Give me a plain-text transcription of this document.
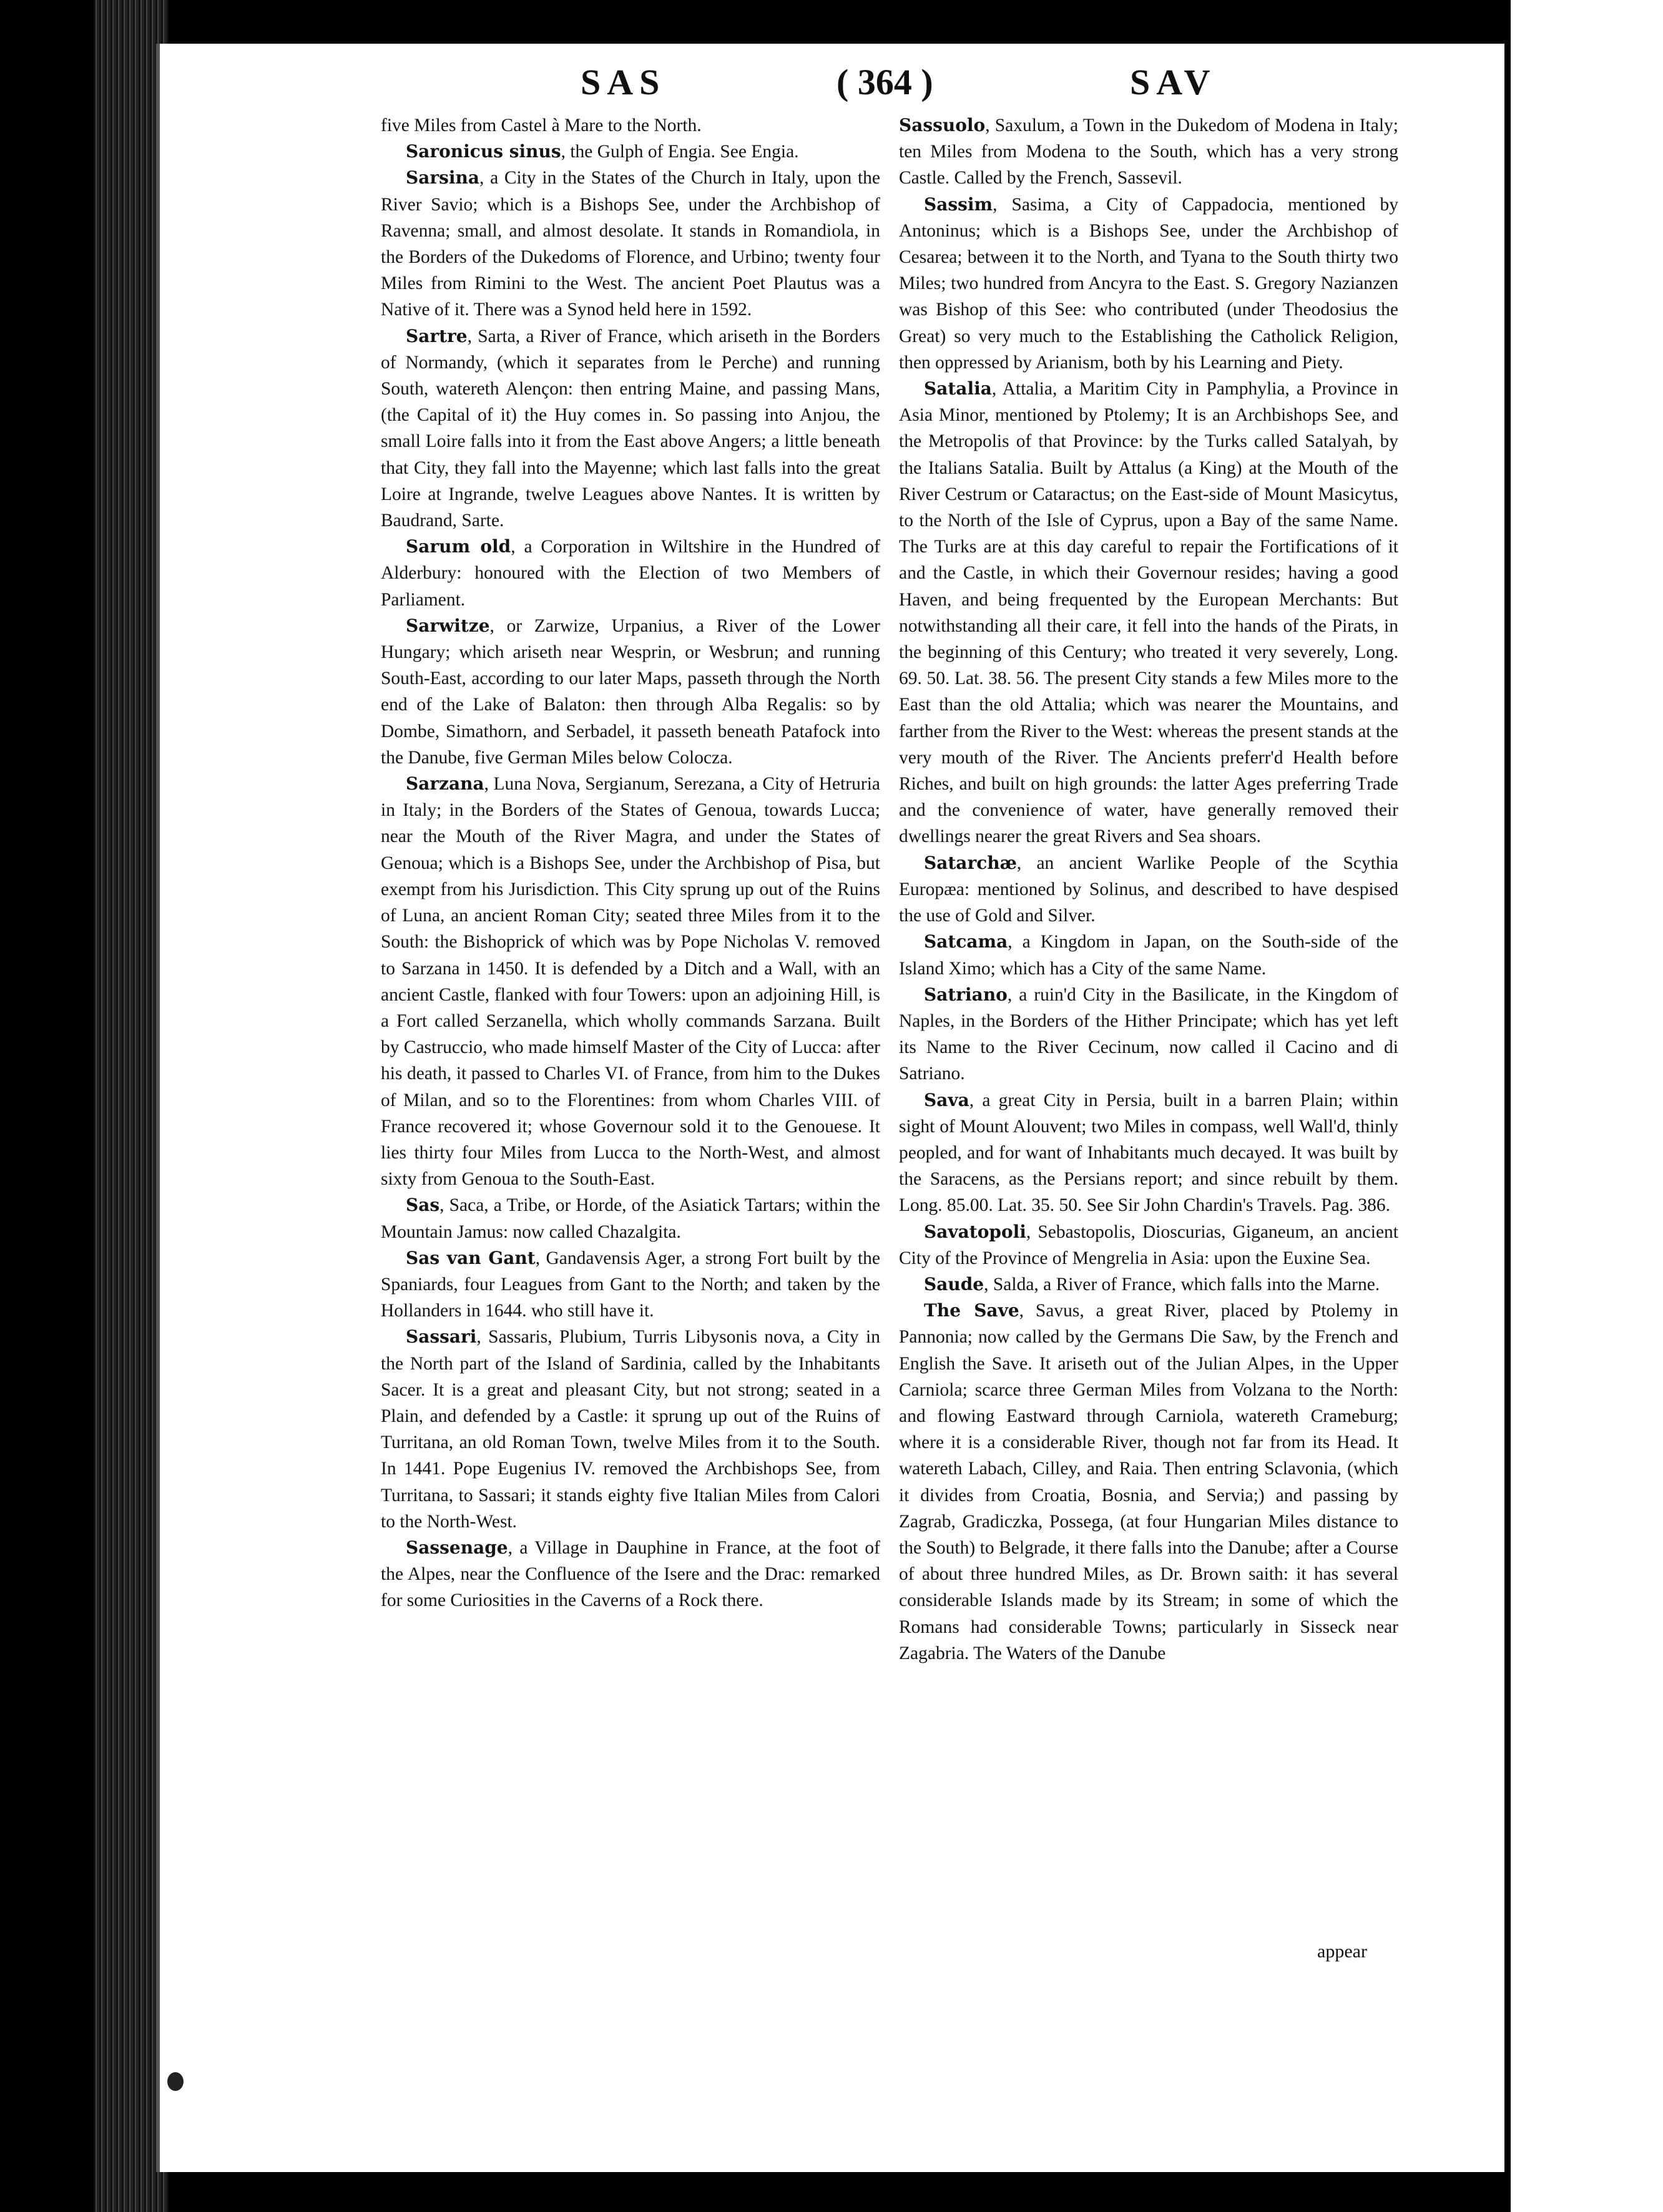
SAS	( 364 )	SAV

five Miles from Castel à Mare to the North.

Saronicus sinus, the Gulph of Engia. See Engia.

Sarsina, a City in the States of the Church in Italy, upon the River Savio; which is a Bishops See, under the Archbishop of Ravenna; small, and almost desolate. It stands in Romandiola, in the Borders of the Dukedoms of Florence, and Urbino; twenty four Miles from Rimini to the West. The ancient Poet Plautus was a Native of it. There was a Synod held here in 1592.

Sartre, Sarta, a River of France, which ariseth in the Borders of Normandy, (which it separates from le Perche) and running South, watereth Alençon: then entring Maine, and passing Mans, (the Capital of it) the Huy comes in. So passing into Anjou, the small Loire falls into it from the East above Angers; a little beneath that City, they fall into the Mayenne; which last falls into the great Loire at Ingrande, twelve Leagues above Nantes. It is written by Baudrand, Sarte.

Sarum old, a Corporation in Wiltshire in the Hundred of Alderbury: honoured with the Election of two Members of Parliament.

Sarwitze, or Zarwize, Urpanius, a River of the Lower Hungary; which ariseth near Wesprin, or Wesbrun; and running South-East, according to our later Maps, passeth through the North end of the Lake of Balaton: then through Alba Regalis: so by Dombe, Simathorn, and Serbadel, it passeth beneath Patafock into the Danube, five German Miles below Colocza.

Sarzana, Luna Nova, Sergianum, Serezana, a City of Hetruria in Italy; in the Borders of the States of Genoua, towards Lucca; near the Mouth of the River Magra, and under the States of Genoua; which is a Bishops See, under the Archbishop of Pisa, but exempt from his Jurisdiction. This City sprung up out of the Ruins of Luna, an ancient Roman City; seated three Miles from it to the South: the Bishoprick of which was by Pope Nicholas V. removed to Sarzana in 1450. It is defended by a Ditch and a Wall, with an ancient Castle, flanked with four Towers: upon an adjoining Hill, is a Fort called Serzanella, which wholly commands Sarzana. Built by Castruccio, who made himself Master of the City of Lucca: after his death, it passed to Charles VI. of France, from him to the Dukes of Milan, and so to the Florentines: from whom Charles VIII. of France recovered it; whose Governour sold it to the Genouese. It lies thirty four Miles from Lucca to the North-West, and almost sixty from Genoua to the South-East.

Sas, Saca, a Tribe, or Horde, of the Asiatick Tartars; within the Mountain Jamus: now called Chazalgita.

Sas van Gant, Gandavensis Ager, a strong Fort built by the Spaniards, four Leagues from Gant to the North; and taken by the Hollanders in 1644. who still have it.

Sassari, Sassaris, Plubium, Turris Libysonis nova, a City in the North part of the Island of Sardinia, called by the Inhabitants Sacer. It is a great and pleasant City, but not strong; seated in a Plain, and defended by a Castle: it sprung up out of the Ruins of Turritana, an old Roman Town, twelve Miles from it to the South. In 1441. Pope Eugenius IV. removed the Archbishops See, from Turritana, to Sassari; it stands eighty five Italian Miles from Calori to the North-West.

Sassenage, a Village in Dauphine in France, at the foot of the Alpes, near the Confluence of the Isere and the Drac: remarked for some Curiosities in the Caverns of a Rock there.

Sassuolo, Saxulum, a Town in the Dukedom of Modena in Italy; ten Miles from Modena to the South, which has a very strong Castle. Called by the French, Sassevil.

Sassim, Sasima, a City of Cappadocia, mentioned by Antoninus; which is a Bishops See, under the Archbishop of Cesarea; between it to the North, and Tyana to the South thirty two Miles; two hundred from Ancyra to the East. S. Gregory Nazianzen was Bishop of this See: who contributed (under Theodosius the Great) so very much to the Establishing the Catholick Religion, then oppressed by Arianism, both by his Learning and Piety.

Satalia, Attalia, a Maritim City in Pamphylia, a Province in Asia Minor, mentioned by Ptolemy; It is an Archbishops See, and the Metropolis of that Province: by the Turks called Satalyah, by the Italians Satalia. Built by Attalus (a King) at the Mouth of the River Cestrum or Cataractus; on the East-side of Mount Masicytus, to the North of the Isle of Cyprus, upon a Bay of the same Name. The Turks are at this day careful to repair the Fortifications of it and the Castle, in which their Governour resides; having a good Haven, and being frequented by the European Merchants: But notwithstanding all their care, it fell into the hands of the Pirats, in the beginning of this Century; who treated it very severely, Long. 69. 50. Lat. 38. 56. The present City stands a few Miles more to the East than the old Attalia; which was nearer the Mountains, and farther from the River to the West: whereas the present stands at the very mouth of the River. The Ancients preferr'd Health before Riches, and built on high grounds: the latter Ages preferring Trade and the convenience of water, have generally removed their dwellings nearer the great Rivers and Sea shoars.

Satarchæ, an ancient Warlike People of the Scythia Europæa: mentioned by Solinus, and described to have despised the use of Gold and Silver.

Satcama, a Kingdom in Japan, on the South-side of the Island Ximo; which has a City of the same Name.

Satriano, a ruin'd City in the Basilicate, in the Kingdom of Naples, in the Borders of the Hither Principate; which has yet left its Name to the River Cecinum, now called il Cacino and di Satriano.

Sava, a great City in Persia, built in a barren Plain; within sight of Mount Alouvent; two Miles in compass, well Wall'd, thinly peopled, and for want of Inhabitants much decayed. It was built by the Saracens, as the Persians report; and since rebuilt by them. Long. 85.00. Lat. 35. 50. See Sir John Chardin's Travels. Pag. 386.

Savatopoli, Sebastopolis, Dioscurias, Giganeum, an ancient City of the Province of Mengrelia in Asia: upon the Euxine Sea.

Saude, Salda, a River of France, which falls into the Marne.

The Save, Savus, a great River, placed by Ptolemy in Pannonia; now called by the Germans Die Saw, by the French and English the Save. It ariseth out of the Julian Alpes, in the Upper Carniola; scarce three German Miles from Volzana to the North: and flowing Eastward through Carniola, watereth Crameburg; where it is a considerable River, though not far from its Head. It watereth Labach, Cilley, and Raia. Then entring Sclavonia, (which it divides from Croatia, Bosnia, and Servia;) and passing by Zagrab, Gradiczka, Possega, (at four Hungarian Miles distance to the South) to Belgrade, it there falls into the Danube; after a Course of about three hundred Miles, as Dr. Brown saith: it has several considerable Islands made by its Stream; in some of which the Romans had considerable Towns; particularly in Sisseck near Zagabria. The Waters of the Danube

appear
